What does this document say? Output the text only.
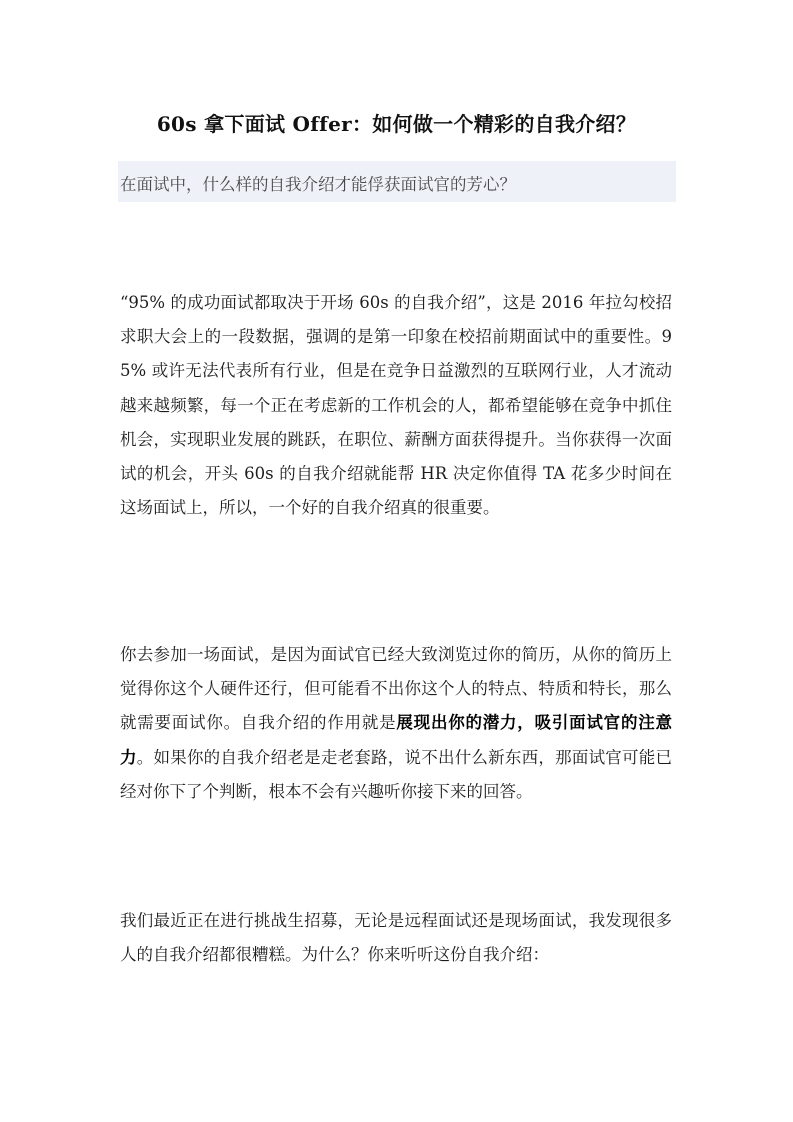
60s 拿下面试 Offer：如何做一个精彩的自我介绍？
在面试中，什么样的自我介绍才能俘获面试官的芳心？
“95% 的成功面试都取决于开场 60s 的自我介绍”，这是 2016 年拉勾校招求职大会上的一段数据，强调的是第一印象在校招前期面试中的重要性。95% 或许无法代表所有行业，但是在竞争日益激烈的互联网行业，人才流动越来越频繁，每一个正在考虑新的工作机会的人，都希望能够在竞争中抓住机会，实现职业发展的跳跃，在职位、薪酬方面获得提升。当你获得一次面试的机会，开头 60s 的自我介绍就能帮 HR 决定你值得 TA 花多少时间在这场面试上，所以，一个好的自我介绍真的很重要。
你去参加一场面试，是因为面试官已经大致浏览过你的简历，从你的简历上觉得你这个人硬件还行，但可能看不出你这个人的特点、特质和特长，那么就需要面试你。自我介绍的作用就是展现出你的潜力，吸引面试官的注意力。如果你的自我介绍老是走老套路，说不出什么新东西，那面试官可能已经对你下了个判断，根本不会有兴趣听你接下来的回答。
我们最近正在进行挑战生招募，无论是远程面试还是现场面试，我发现很多人的自我介绍都很糟糕。为什么？你来听听这份自我介绍：
